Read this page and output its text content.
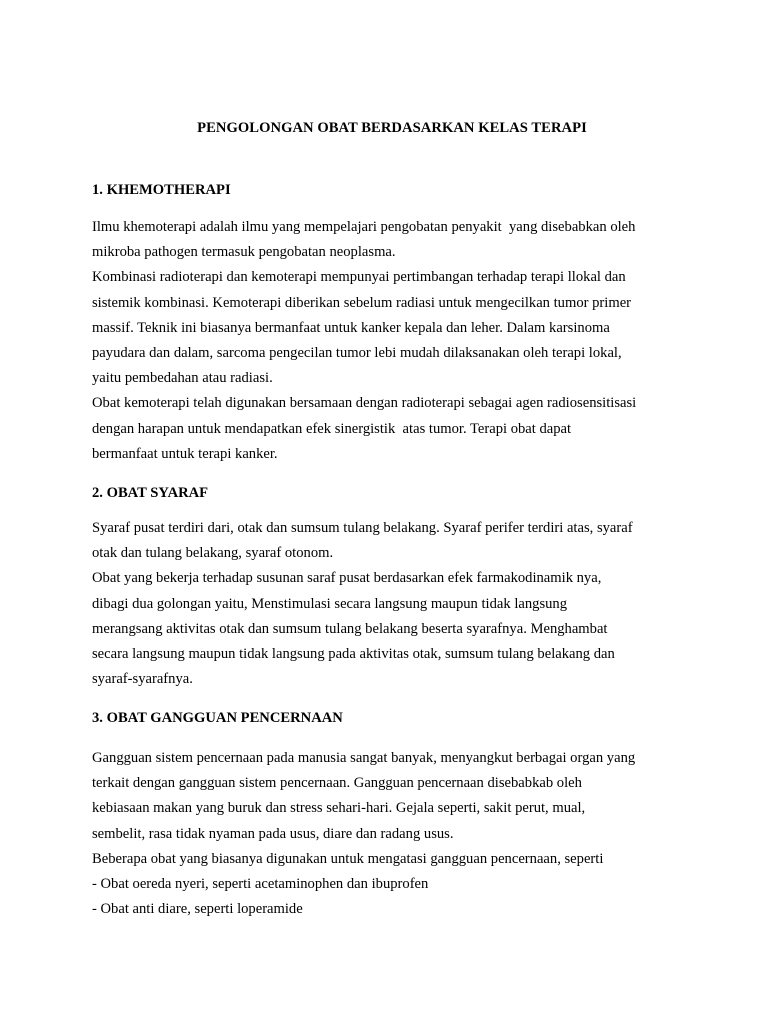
PENGOLONGAN OBAT BERDASARKAN KELAS TERAPI
1. KHEMOTHERAPI
Ilmu khemoterapi adalah ilmu yang mempelajari pengobatan penyakit  yang disebabkan oleh
mikroba pathogen termasuk pengobatan neoplasma.
Kombinasi radioterapi dan kemoterapi mempunyai pertimbangan terhadap terapi llokal dan
sistemik kombinasi. Kemoterapi diberikan sebelum radiasi untuk mengecilkan tumor primer
massif. Teknik ini biasanya bermanfaat untuk kanker kepala dan leher. Dalam karsinoma
payudara dan dalam, sarcoma pengecilan tumor lebi mudah dilaksanakan oleh terapi lokal,
yaitu pembedahan atau radiasi.
Obat kemoterapi telah digunakan bersamaan dengan radioterapi sebagai agen radiosensitisasi
dengan harapan untuk mendapatkan efek sinergistik  atas tumor. Terapi obat dapat
bermanfaat untuk terapi kanker.
2. OBAT SYARAF
Syaraf pusat terdiri dari, otak dan sumsum tulang belakang. Syaraf perifer terdiri atas, syaraf
otak dan tulang belakang, syaraf otonom.
Obat yang bekerja terhadap susunan saraf pusat berdasarkan efek farmakodinamik nya,
dibagi dua golongan yaitu, Menstimulasi secara langsung maupun tidak langsung
merangsang aktivitas otak dan sumsum tulang belakang beserta syarafnya. Menghambat
secara langsung maupun tidak langsung pada aktivitas otak, sumsum tulang belakang dan
syaraf-syarafnya.
3. OBAT GANGGUAN PENCERNAAN
Gangguan sistem pencernaan pada manusia sangat banyak, menyangkut berbagai organ yang
terkait dengan gangguan sistem pencernaan. Gangguan pencernaan disebabkab oleh
kebiasaan makan yang buruk dan stress sehari-hari. Gejala seperti, sakit perut, mual,
sembelit, rasa tidak nyaman pada usus, diare dan radang usus.
Beberapa obat yang biasanya digunakan untuk mengatasi gangguan pencernaan, seperti
- Obat oereda nyeri, seperti acetaminophen dan ibuprofen
- Obat anti diare, seperti loperamide
